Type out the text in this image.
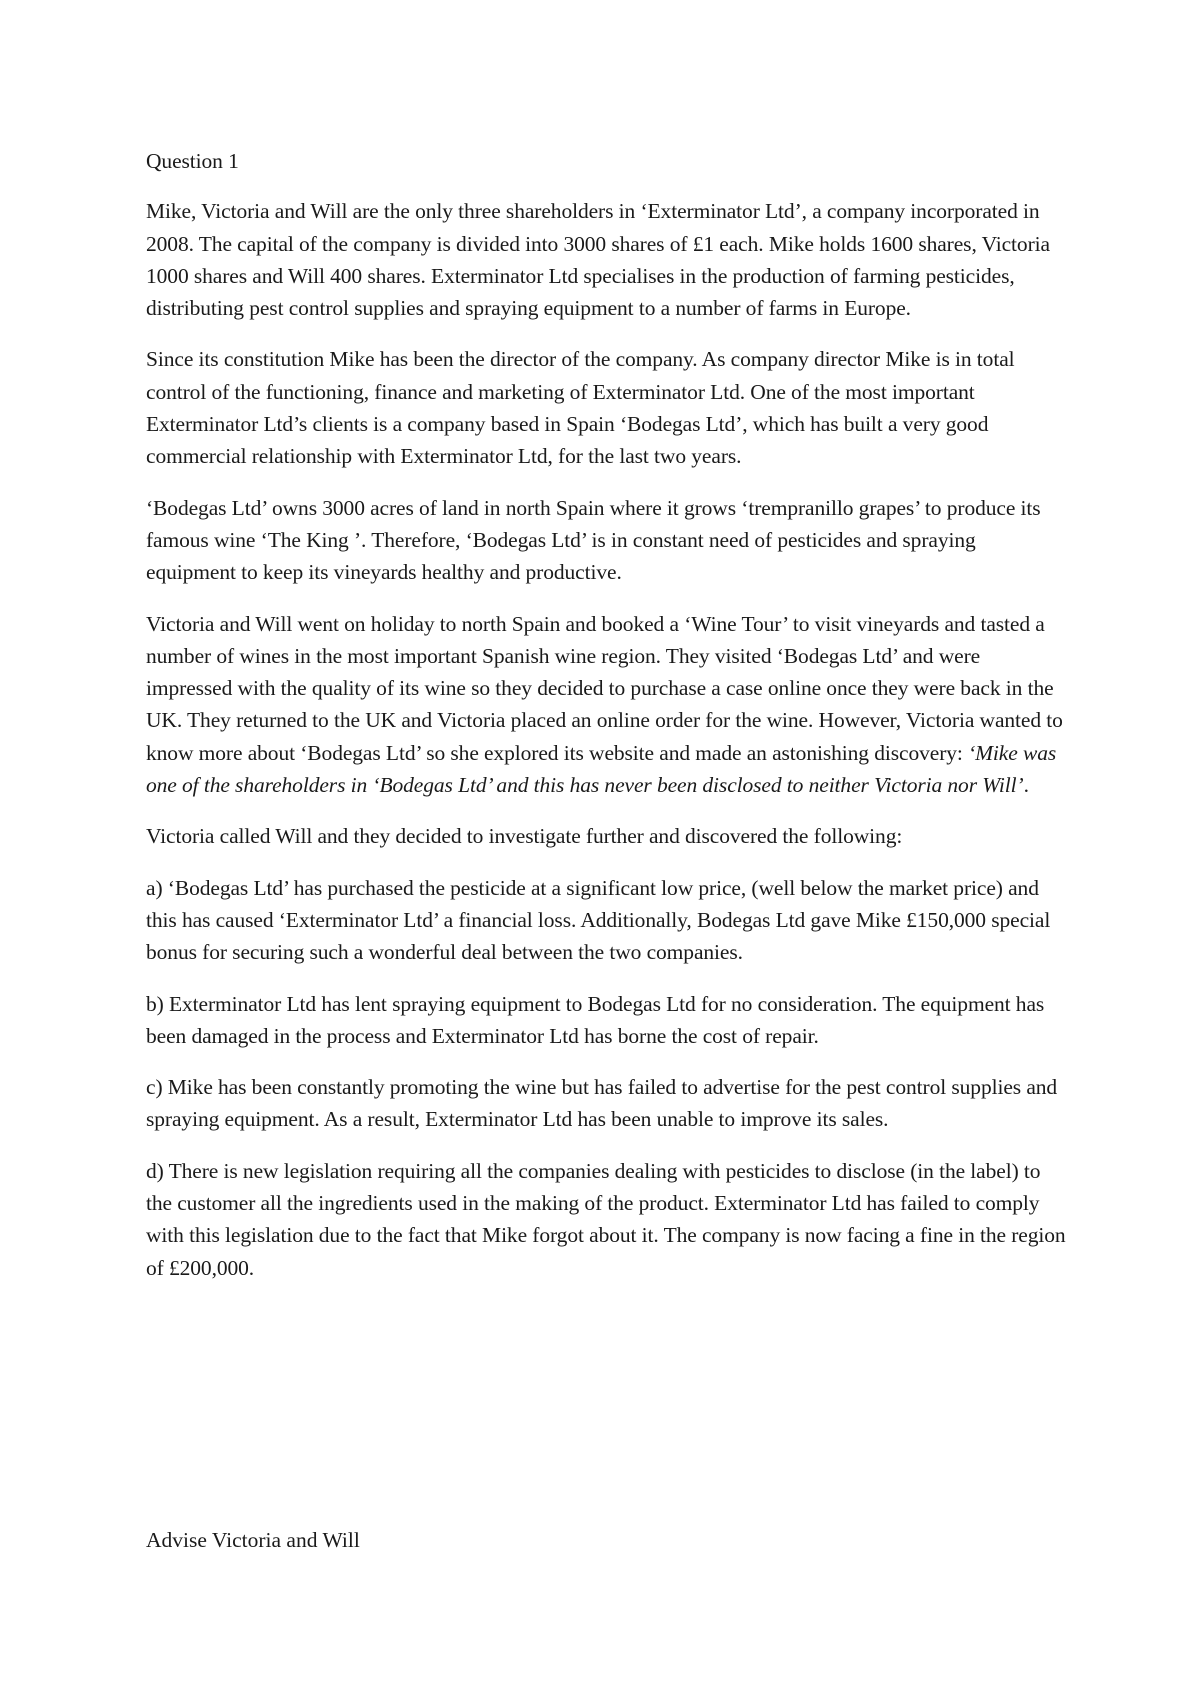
Question 1

Mike, Victoria and Will are the only three shareholders in ‘Exterminator Ltd’, a company incorporated in 2008. The capital of the company is divided into 3000 shares of £1 each. Mike holds 1600 shares, Victoria 1000 shares and Will 400 shares. Exterminator Ltd specialises in the production of farming pesticides, distributing pest control supplies and spraying equipment to a number of farms in Europe.

Since its constitution Mike has been the director of the company. As company director Mike is in total control of the functioning, finance and marketing of Exterminator Ltd. One of the most important Exterminator Ltd’s clients is a company based in Spain ‘Bodegas Ltd’, which has built a very good commercial relationship with Exterminator Ltd, for the last two years.

‘Bodegas Ltd’ owns 3000 acres of land in north Spain where it grows ‘trempranillo grapes’ to produce its famous wine ‘The King ’. Therefore, ‘Bodegas Ltd’ is in constant need of pesticides and spraying equipment to keep its vineyards healthy and productive.

Victoria and Will went on holiday to north Spain and booked a ‘Wine Tour’ to visit vineyards and tasted a number of wines in the most important Spanish wine region. They visited ‘Bodegas Ltd’ and were impressed with the quality of its wine so they decided to purchase a case online once they were back in the UK. They returned to the UK and Victoria placed an online order for the wine. However, Victoria wanted to know more about ‘Bodegas Ltd’ so she explored its website and made an astonishing discovery: ‘Mike was one of the shareholders in ‘Bodegas Ltd’ and this has never been disclosed to neither Victoria nor Will’.

Victoria called Will and they decided to investigate further and discovered the following:

a) ‘Bodegas Ltd’ has purchased the pesticide at a significant low price, (well below the market price) and this has caused ‘Exterminator Ltd’ a financial loss. Additionally, Bodegas Ltd gave Mike £150,000 special bonus for securing such a wonderful deal between the two companies.

b) Exterminator Ltd has lent spraying equipment to Bodegas Ltd for no consideration. The equipment has been damaged in the process and Exterminator Ltd has borne the cost of repair.

c) Mike has been constantly promoting the wine but has failed to advertise for the pest control supplies and spraying equipment. As a result, Exterminator Ltd has been unable to improve its sales.

d) There is new legislation requiring all the companies dealing with pesticides to disclose (in the label) to the customer all the ingredients used in the making of the product. Exterminator Ltd has failed to comply with this legislation due to the fact that Mike forgot about it. The company is now facing a fine in the region of £200,000.

Advise Victoria and Will
